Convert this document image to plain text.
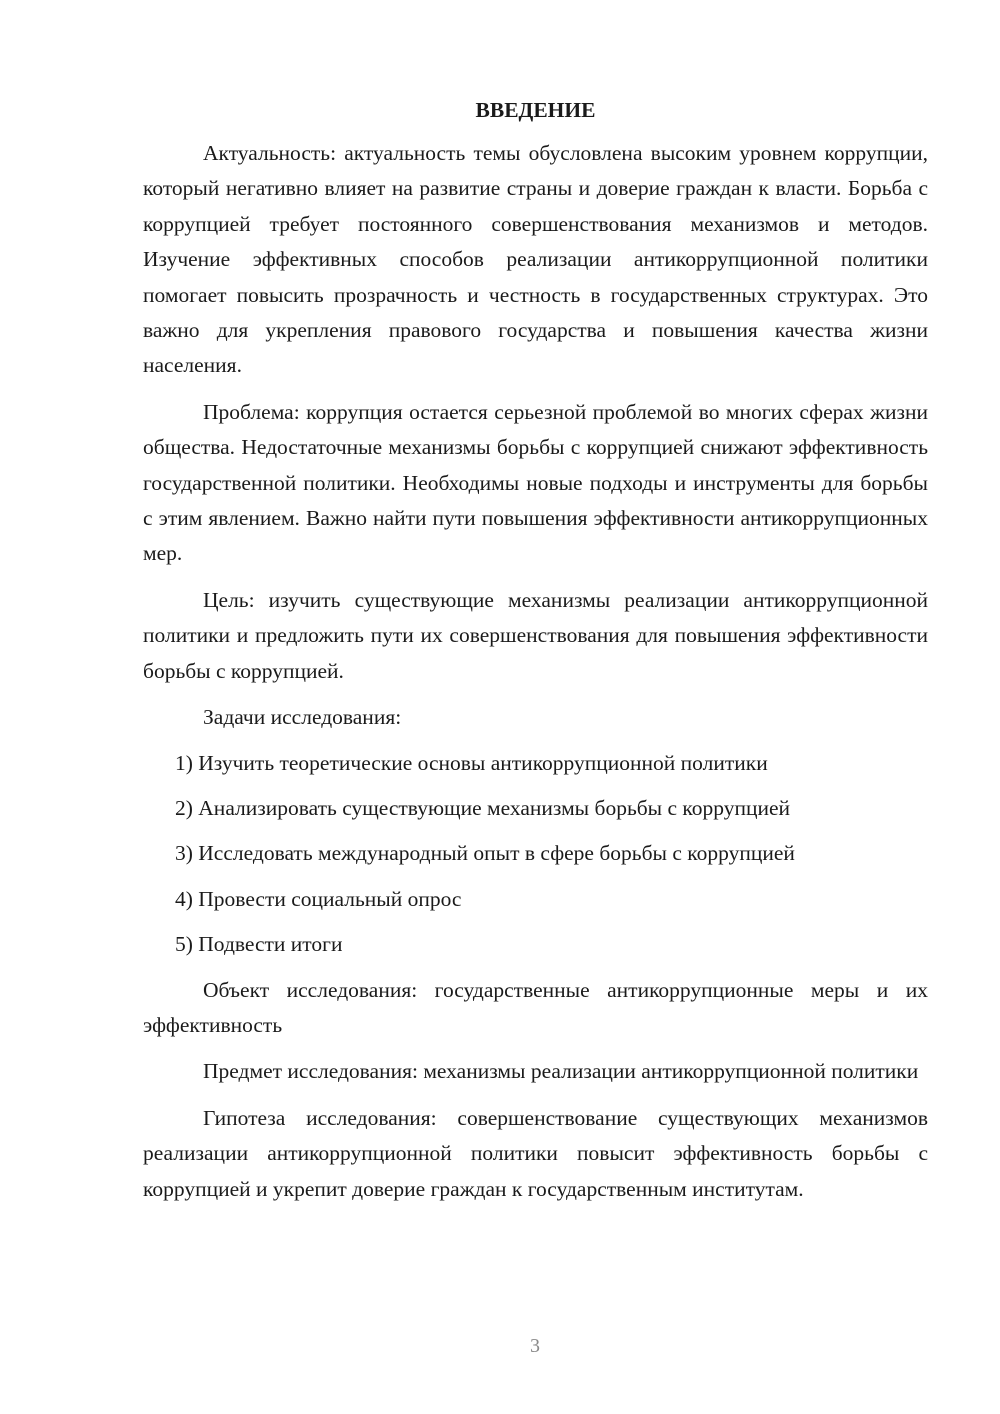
ВВЕДЕНИЕ

Актуальность: актуальность темы обусловлена высоким уровнем коррупции, который негативно влияет на развитие страны и доверие граждан к власти. Борьба с коррупцией требует постоянного совершенствования механизмов и методов. Изучение эффективных способов реализации антикоррупционной политики помогает повысить прозрачность и честность в государственных структурах. Это важно для укрепления правового государства и повышения качества жизни населения.

Проблема: коррупция остается серьезной проблемой во многих сферах жизни общества. Недостаточные механизмы борьбы с коррупцией снижают эффективность государственной политики. Необходимы новые подходы и инструменты для борьбы с этим явлением. Важно найти пути повышения эффективности антикоррупционных мер.

Цель: изучить существующие механизмы реализации антикоррупционной политики и предложить пути их совершенствования для повышения эффективности борьбы с коррупцией.

Задачи исследования:

1) Изучить теоретические основы антикоррупционной политики

2) Анализировать существующие механизмы борьбы с коррупцией

3) Исследовать международный опыт в сфере борьбы с коррупцией

4) Провести социальный опрос

5) Подвести итоги

Объект исследования: государственные антикоррупционные меры и их эффективность

Предмет исследования: механизмы реализации антикоррупционной политики

Гипотеза исследования: совершенствование существующих механизмов реализации антикоррупционной политики повысит эффективность борьбы с коррупцией и укрепит доверие граждан к государственным институтам.

3
